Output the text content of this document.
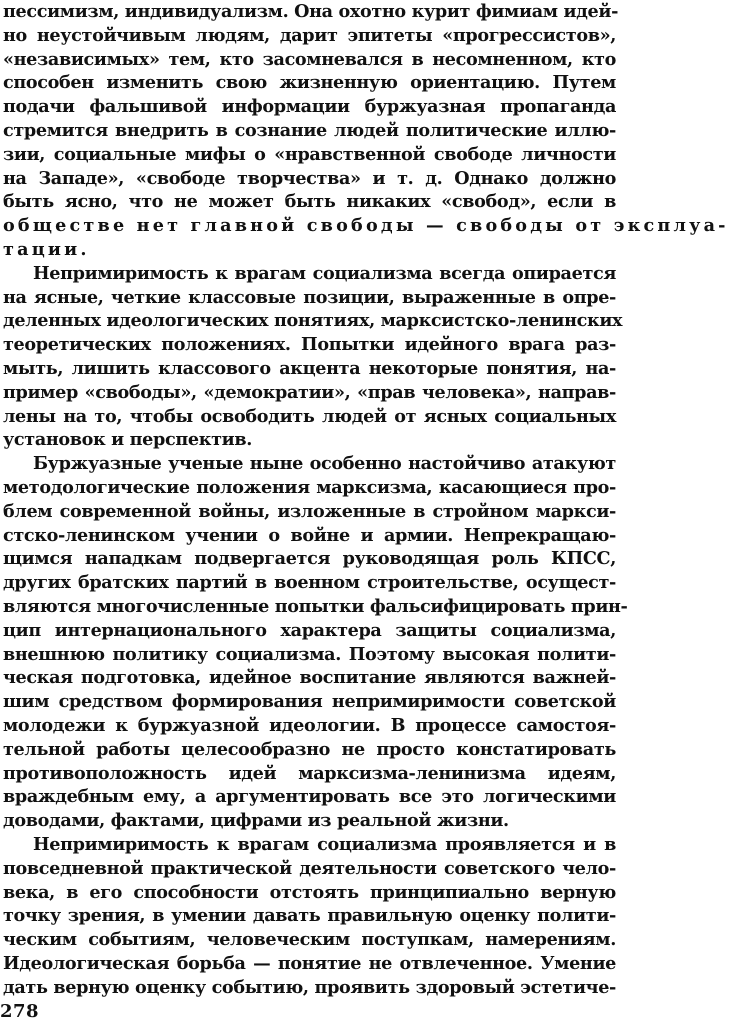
пессимизм, индивидуализм. Она охотно курит фимиам идей-
но неустойчивым людям, дарит эпитеты «прогрессистов»,
«независимых» тем, кто засомневался в несомненном, кто
способен изменить свою жизненную ориентацию. Путем
подачи фальшивой информации буржуазная пропаганда
стремится внедрить в сознание людей политические иллю-
зии, социальные мифы о «нравственной свободе личности
на Западе», «свободе творчества» и т. д. Однако должно
быть ясно, что не может быть никаких «свобод», если в
обществе нет главной свободы — свободы от эксплуа-
тации.
Непримиримость к врагам социализма всегда опирается
на ясные, четкие классовые позиции, выраженные в опре-
деленных идеологических понятиях, марксистско-ленинских
теоретических положениях. Попытки идейного врага раз-
мыть, лишить классового акцента некоторые понятия, на-
пример «свободы», «демократии», «прав человека», направ-
лены на то, чтобы освободить людей от ясных социальных
установок и перспектив.
Буржуазные ученые ныне особенно настойчиво атакуют
методологические положения марксизма, касающиеся про-
блем современной войны, изложенные в стройном маркси-
стско-ленинском учении о войне и армии. Непрекращаю-
щимся нападкам подвергается руководящая роль КПСС,
других братских партий в военном строительстве, осущест-
вляются многочисленные попытки фальсифицировать прин-
цип интернационального характера защиты социализма,
внешнюю политику социализма. Поэтому высокая полити-
ческая подготовка, идейное воспитание являются важней-
шим средством формирования непримиримости советской
молодежи к буржуазной идеологии. В процессе самостоя-
тельной работы целесообразно не просто констатировать
противоположность идей марксизма-ленинизма идеям,
враждебным ему, а аргументировать все это логическими
доводами, фактами, цифрами из реальной жизни.
Непримиримость к врагам социализма проявляется и в
повседневной практической деятельности советского чело-
века, в его способности отстоять принципиально верную
точку зрения, в умении давать правильную оценку полити-
ческим событиям, человеческим поступкам, намерениям.
Идеологическая борьба — понятие не отвлеченное. Умение
дать верную оценку событию, проявить здоровый эстетиче-
278
